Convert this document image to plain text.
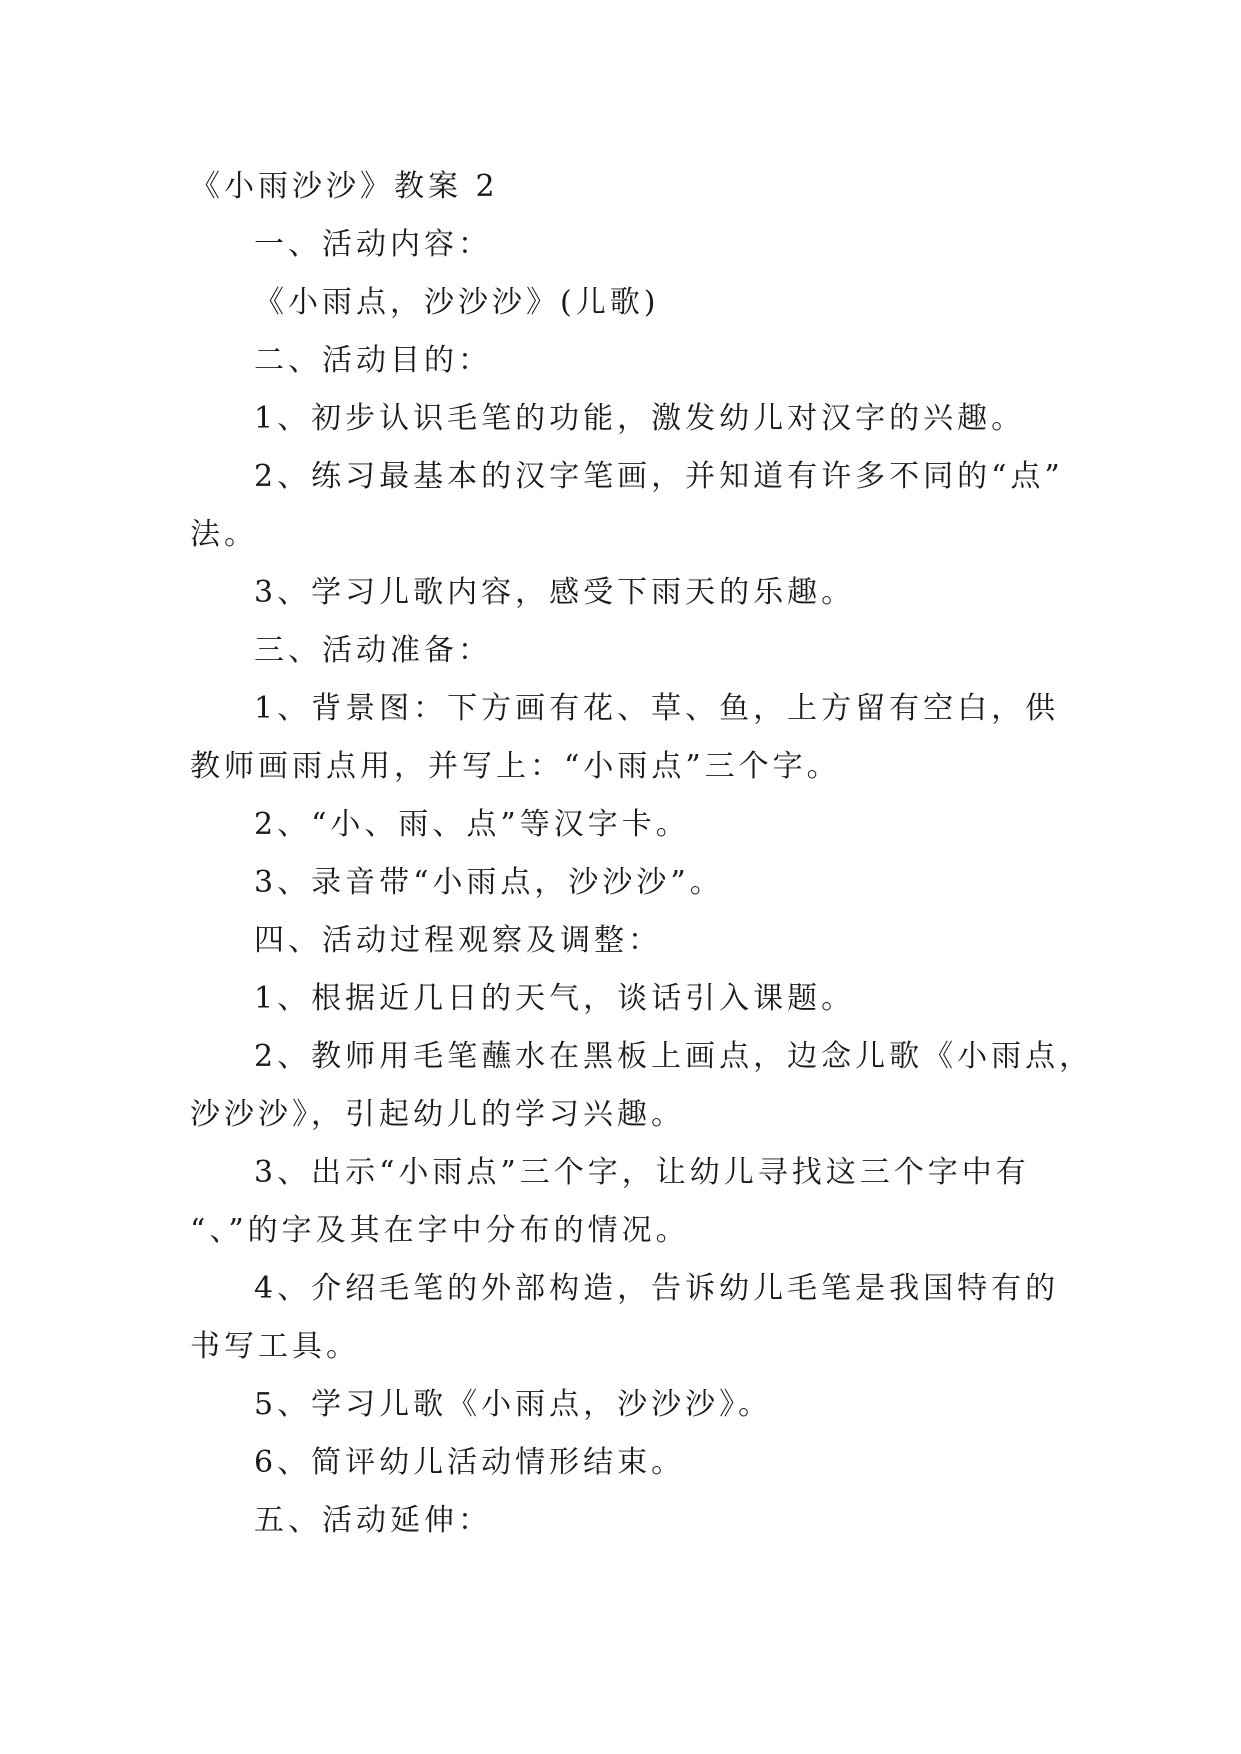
《小雨沙沙》教案 2
一、活动内容：
《小雨点，沙沙沙》(儿歌)
二、活动目的：
1、初步认识毛笔的功能，激发幼儿对汉字的兴趣。
2、练习最基本的汉字笔画，并知道有许多不同的“点”
法。
3、学习儿歌内容，感受下雨天的乐趣。
三、活动准备：
1、背景图：下方画有花、草、鱼，上方留有空白，供
教师画雨点用，并写上：“小雨点”三个字。
2、“小、雨、点”等汉字卡。
3、录音带“小雨点，沙沙沙”。
四、活动过程观察及调整：
1、根据近几日的天气，谈话引入课题。
2、教师用毛笔蘸水在黑板上画点，边念儿歌《小雨点，
沙沙沙》，引起幼儿的学习兴趣。
3、出示“小雨点”三个字，让幼儿寻找这三个字中有
“、”的字及其在字中分布的情况。
4、介绍毛笔的外部构造，告诉幼儿毛笔是我国特有的
书写工具。
5、学习儿歌《小雨点，沙沙沙》。
6、简评幼儿活动情形结束。
五、活动延伸：
